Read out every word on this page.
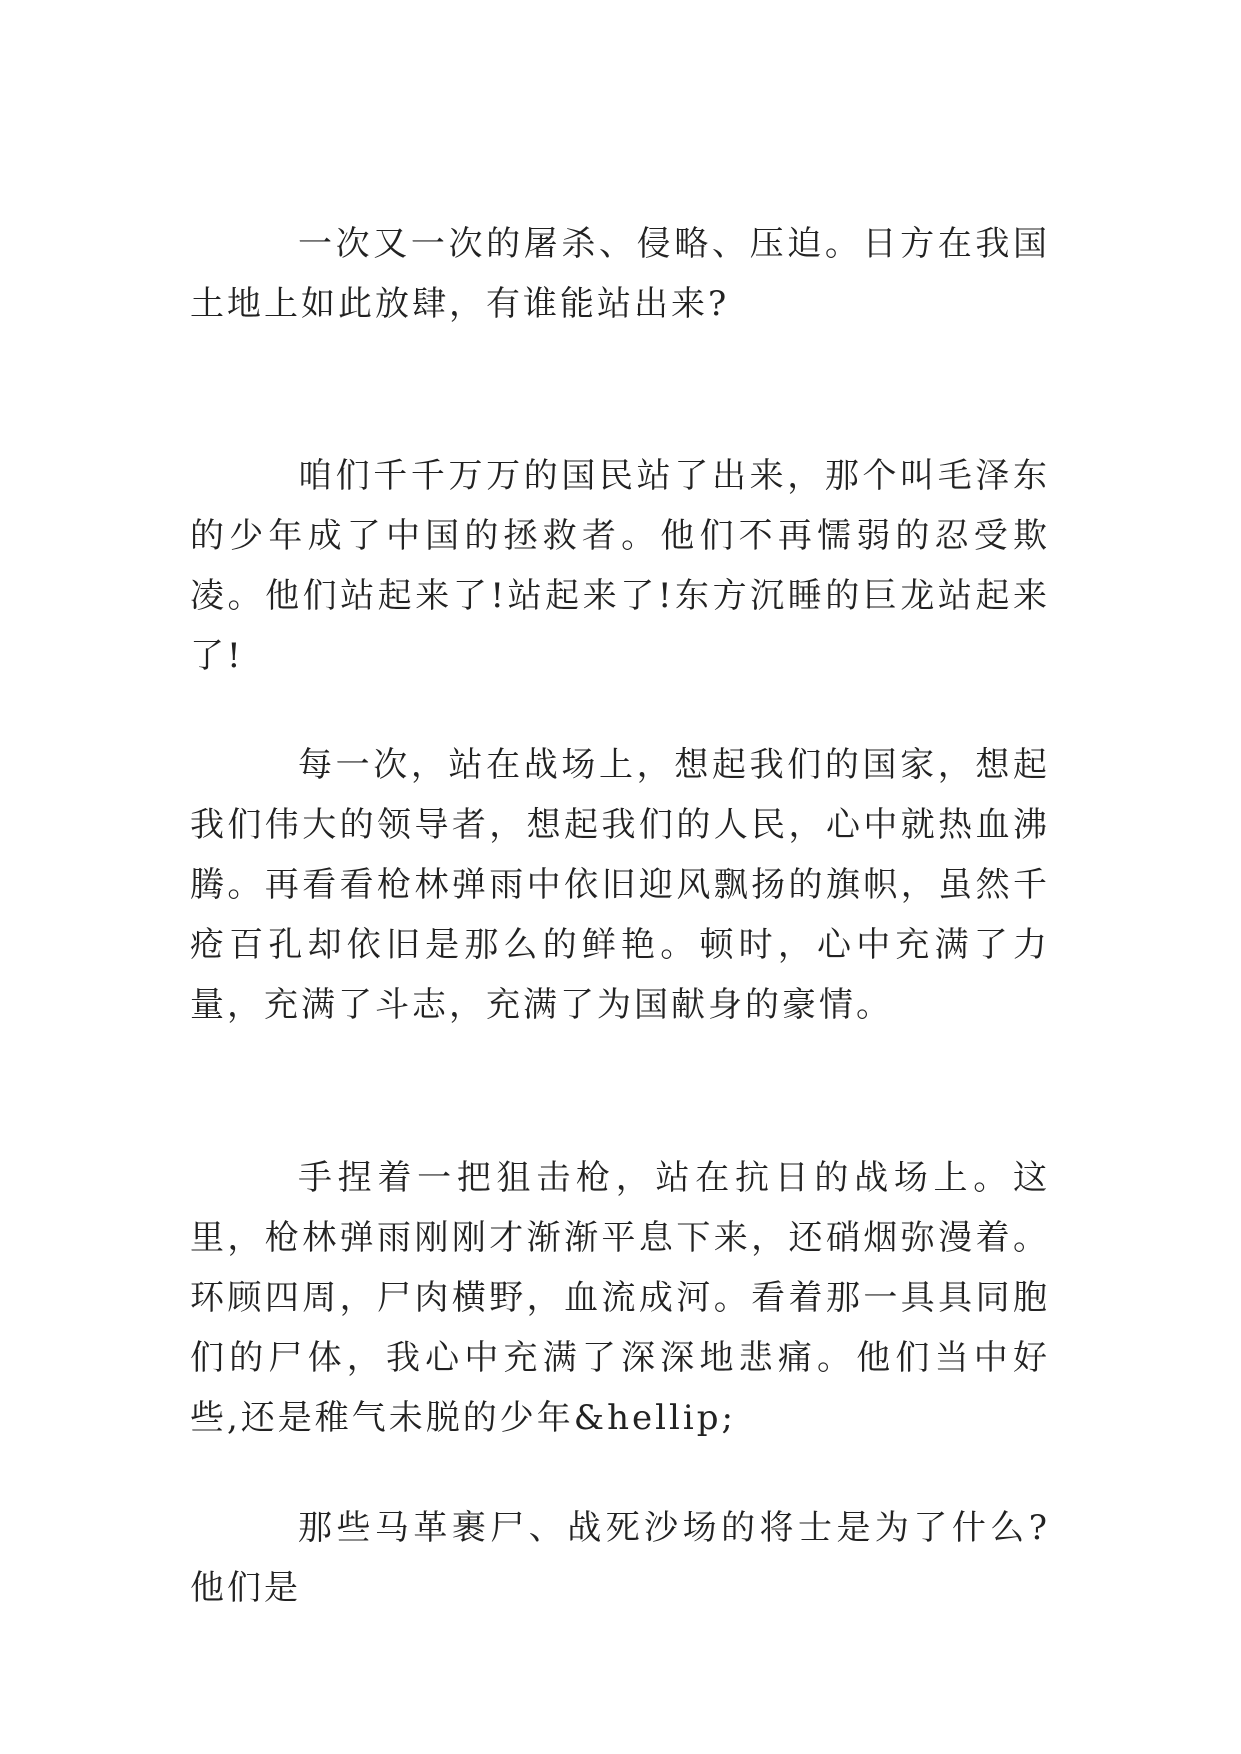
一次又一次的屠杀、侵略、压迫。日方在我国土地上如此放肆，有谁能站出来?

咱们千千万万的国民站了出来，那个叫毛泽东的少年成了中国的拯救者。他们不再懦弱的忍受欺凌。他们站起来了!站起来了!东方沉睡的巨龙站起来了!

每一次，站在战场上，想起我们的国家，想起我们伟大的领导者，想起我们的人民，心中就热血沸腾。再看看枪林弹雨中依旧迎风飘扬的旗帜，虽然千疮百孔却依旧是那么的鲜艳。顿时，心中充满了力量，充满了斗志，充满了为国献身的豪情。

手捏着一把狙击枪，站在抗日的战场上。这里，枪林弹雨刚刚才渐渐平息下来，还硝烟弥漫着。环顾四周，尸肉横野，血流成河。看着那一具具同胞们的尸体，我心中充满了深深地悲痛。他们当中好些,还是稚气未脱的少年&hellip;

那些马革裹尸、战死沙场的将士是为了什么?他们是
